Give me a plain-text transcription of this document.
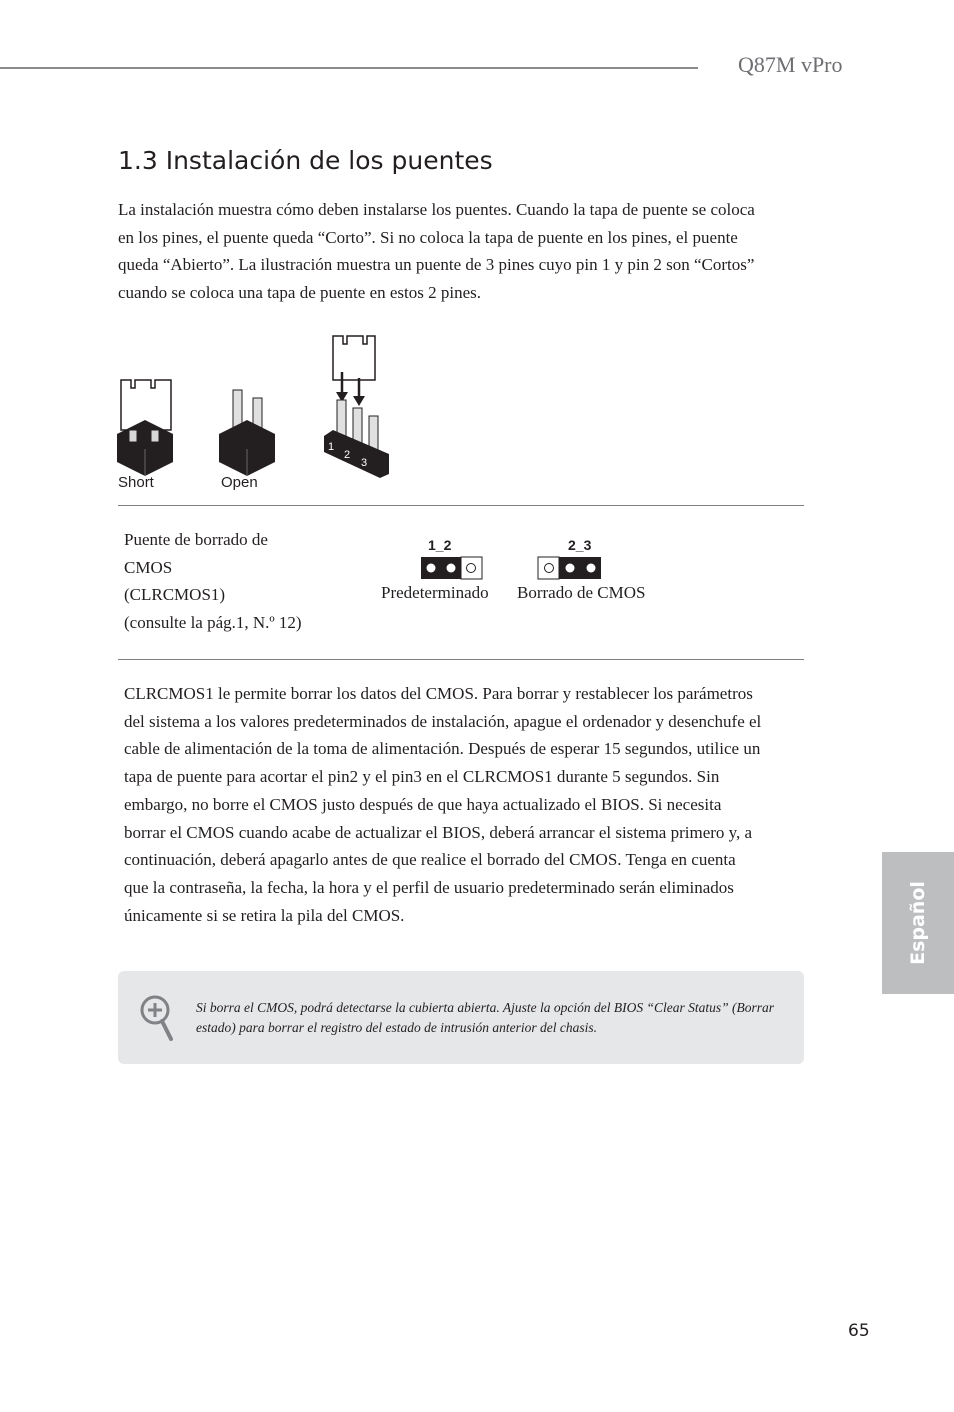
Q87M vPro
1.3 Instalación de los puentes

La instalación muestra cómo deben instalarse los puentes. Cuando la tapa de puente se coloca en los pines, el puente queda “Corto”. Si no coloca la tapa de puente en los pines, el puente queda “Abierto”. La ilustración muestra un puente de 3 pines cuyo pin 1 y pin 2 son “Cortos” cuando se coloca una tapa de puente en estos 2 pines.

1
2
3
Short	Open
Puente de borrado de
CMOS
(CLRCMOS1)
(consulte la pág.1, N.º 12)
1_2	2_3
Predeterminado Borrado de CMOS

CLRCMOS1 le permite borrar los datos del CMOS. Para borrar y restablecer los parámetros del sistema a los valores predeterminados de instalación, apague el ordenador y desenchufe el cable de alimentación de la toma de alimentación. Después de esperar 15 segundos, utilice un tapa de puente para acortar el pin2 y el pin3 en el CLRCMOS1 durante 5 segundos. Sin embargo, no borre el CMOS justo después de que haya actualizado el BIOS. Si necesita borrar el CMOS cuando acabe de actualizar el BIOS, deberá arrancar el sistema primero y, a continuación, deberá apagarlo antes de que realice el borrado del CMOS. Tenga en cuenta que la contraseña, la fecha, la hora y el perfil de usuario predeterminado serán eliminados únicamente si se retira la pila del CMOS.

Si borra el CMOS, podrá detectarse la cubierta abierta. Ajuste la opción del BIOS “Clear Status” (Borrar estado) para borrar el registro del estado de intrusión anterior del chasis.

Español
65
